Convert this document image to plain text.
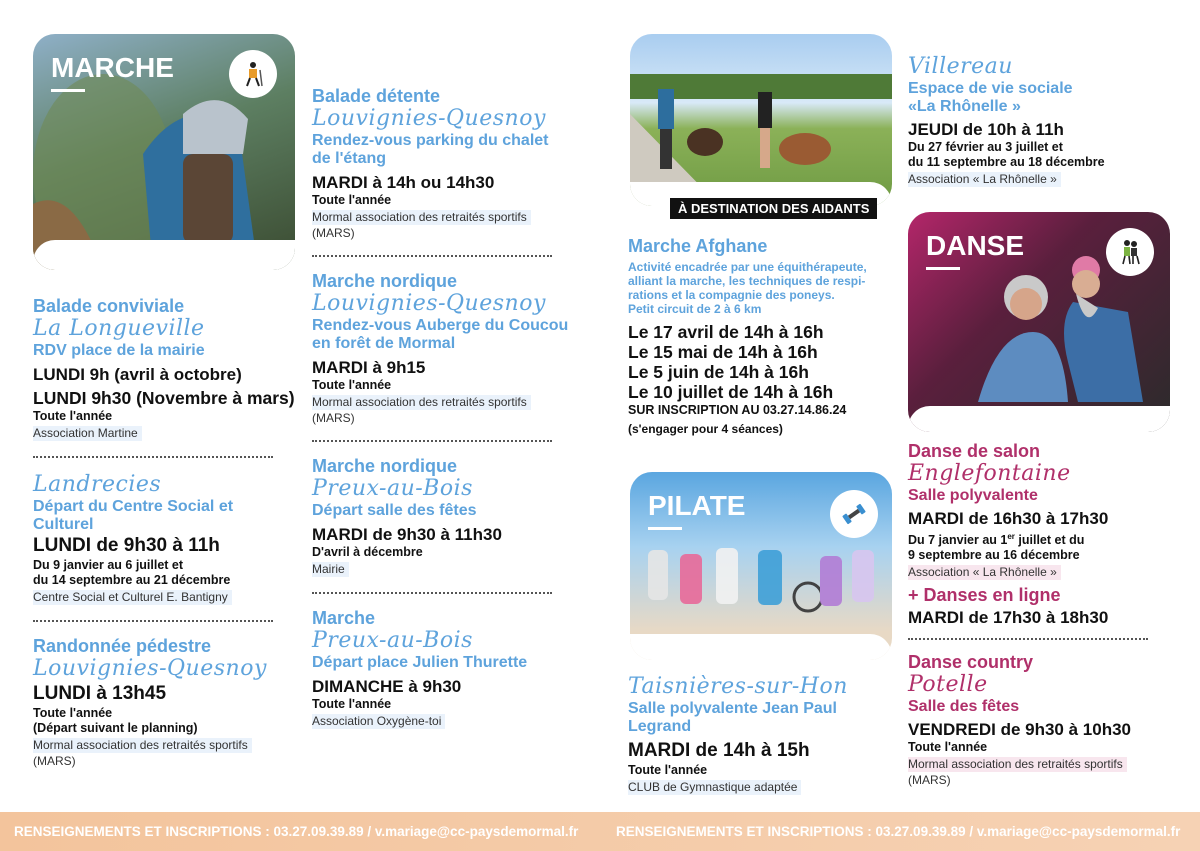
MARCHE
Balade conviviale
La Longueville
RDV place de la mairie
LUNDI 9h (avril à octobre)
LUNDI 9h30 (Novembre à mars)
Toute l'année
Association Martine
Landrecies
Départ du Centre Social et Culturel
LUNDI de 9h30 à 11h
Du 9 janvier au 6 juillet et
du 14 septembre au 21 décembre
Centre Social et Culturel E. Bantigny
Randonnée pédestre
Louvignies-Quesnoy
LUNDI à 13h45
Toute l'année
(Départ suivant le planning)
Mormal association des retraités sportifs
(MARS)
Balade détente
Louvignies-Quesnoy
Rendez-vous parking du chalet de l'étang
MARDI à 14h ou 14h30
Toute l'année
Mormal association des retraités sportifs
(MARS)
Marche nordique
Louvignies-Quesnoy
Rendez-vous Auberge du Coucou en forêt de Mormal
MARDI à 9h15
Toute l'année
Mormal association des retraités sportifs
(MARS)
Marche nordique
Preux-au-Bois
Départ salle des fêtes
MARDI de 9h30 à 11h30
D'avril à décembre
Mairie
Marche
Preux-au-Bois
Départ place Julien Thurette
DIMANCHE à 9h30
Toute l'année
Association Oxygène-toi
À DESTINATION DES AIDANTS
Marche Afghane
Activité encadrée par une équithérapeute,
alliant la marche, les techniques de respi-
rations et la compagnie des poneys.
Petit circuit de 2 à 6 km
Le 17 avril de 14h à 16h
Le 15 mai de 14h à 16h
Le 5 juin de 14h à 16h
Le 10 juillet de 14h à 16h
SUR INSCRIPTION AU 03.27.14.86.24
(s'engager pour 4 séances)
PILATE
Taisnières-sur-Hon
Salle polyvalente Jean Paul Legrand
MARDI de 14h à 15h
Toute l'année
CLUB de Gymnastique adaptée
Villereau
Espace de vie sociale
«La Rhônelle »
JEUDI de 10h à 11h
Du 27 février au 3 juillet et
du 11 septembre au 18 décembre
Association « La Rhônelle »
DANSE
Danse de salon
Englefontaine
Salle polyvalente
MARDI de 16h30 à 17h30
Du 7 janvier au 1er juillet et du
9 septembre au 16 décembre
Association « La Rhônelle »
+ Danses en ligne
MARDI de 17h30 à 18h30
Danse country
Potelle
Salle des fêtes
VENDREDI de 9h30 à 10h30
Toute l'année
Mormal association des retraités sportifs
(MARS)
RENSEIGNEMENTS ET INSCRIPTIONS : 03.27.09.39.89 / v.mariage@cc-paysdemormal.fr	RENSEIGNEMENTS ET INSCRIPTIONS : 03.27.09.39.89 / v.mariage@cc-paysdemormal.fr
